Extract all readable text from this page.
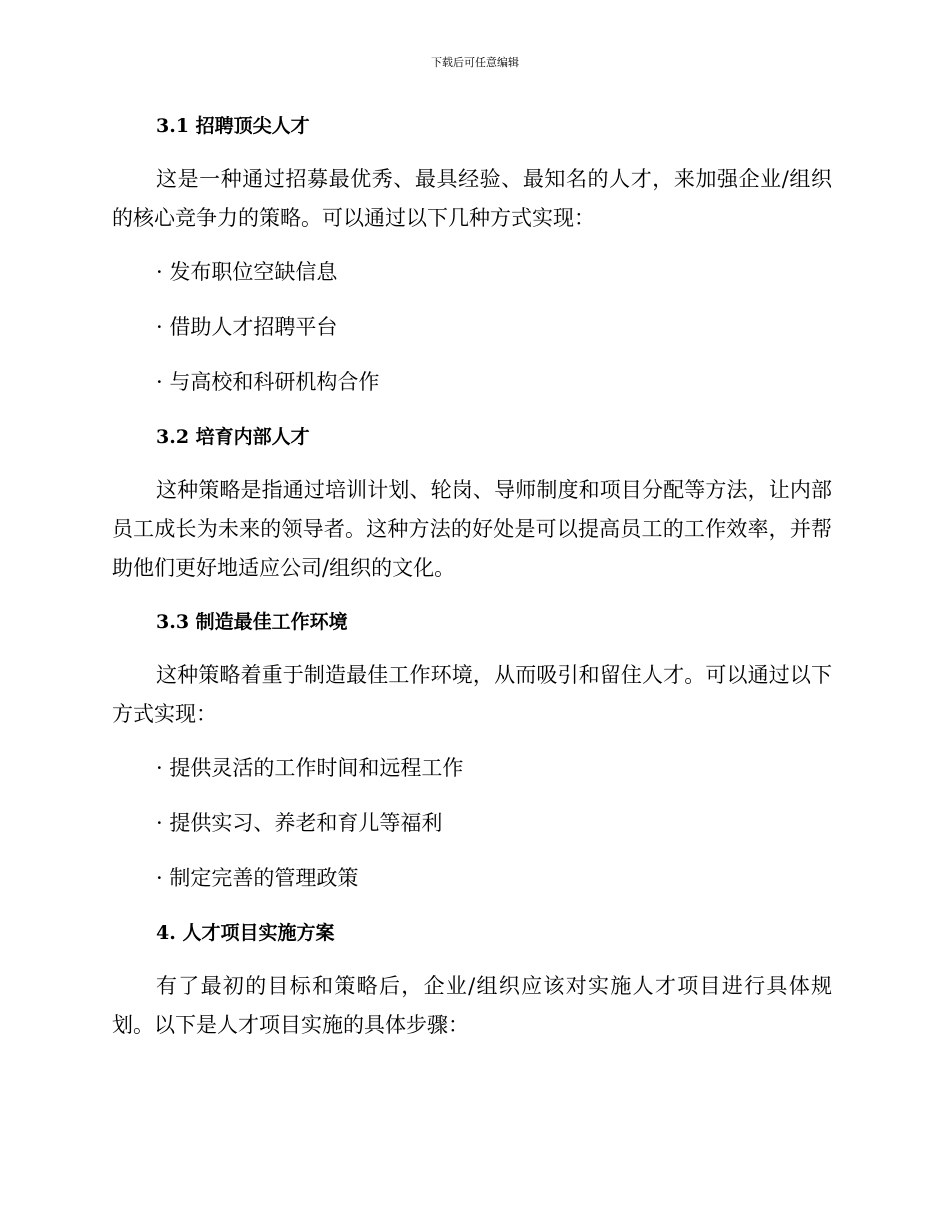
下载后可任意编辑
3.1 招聘顶尖人才

这是一种通过招募最优秀、最具经验、最知名的人才，来加强企业/组织的核心竞争力的策略。可以通过以下几种方式实现：

· 发布职位空缺信息
· 借助人才招聘平台
· 与高校和科研机构合作
3.2 培育内部人才

这种策略是指通过培训计划、轮岗、导师制度和项目分配等方法，让内部员工成长为未来的领导者。这种方法的好处是可以提高员工的工作效率，并帮助他们更好地适应公司/组织的文化。

3.3 制造最佳工作环境

这种策略着重于制造最佳工作环境，从而吸引和留住人才。可以通过以下方式实现：

· 提供灵活的工作时间和远程工作
· 提供实习、养老和育儿等福利
· 制定完善的管理政策
4. 人才项目实施方案

有了最初的目标和策略后，企业/组织应该对实施人才项目进行具体规划。以下是人才项目实施的具体步骤：
